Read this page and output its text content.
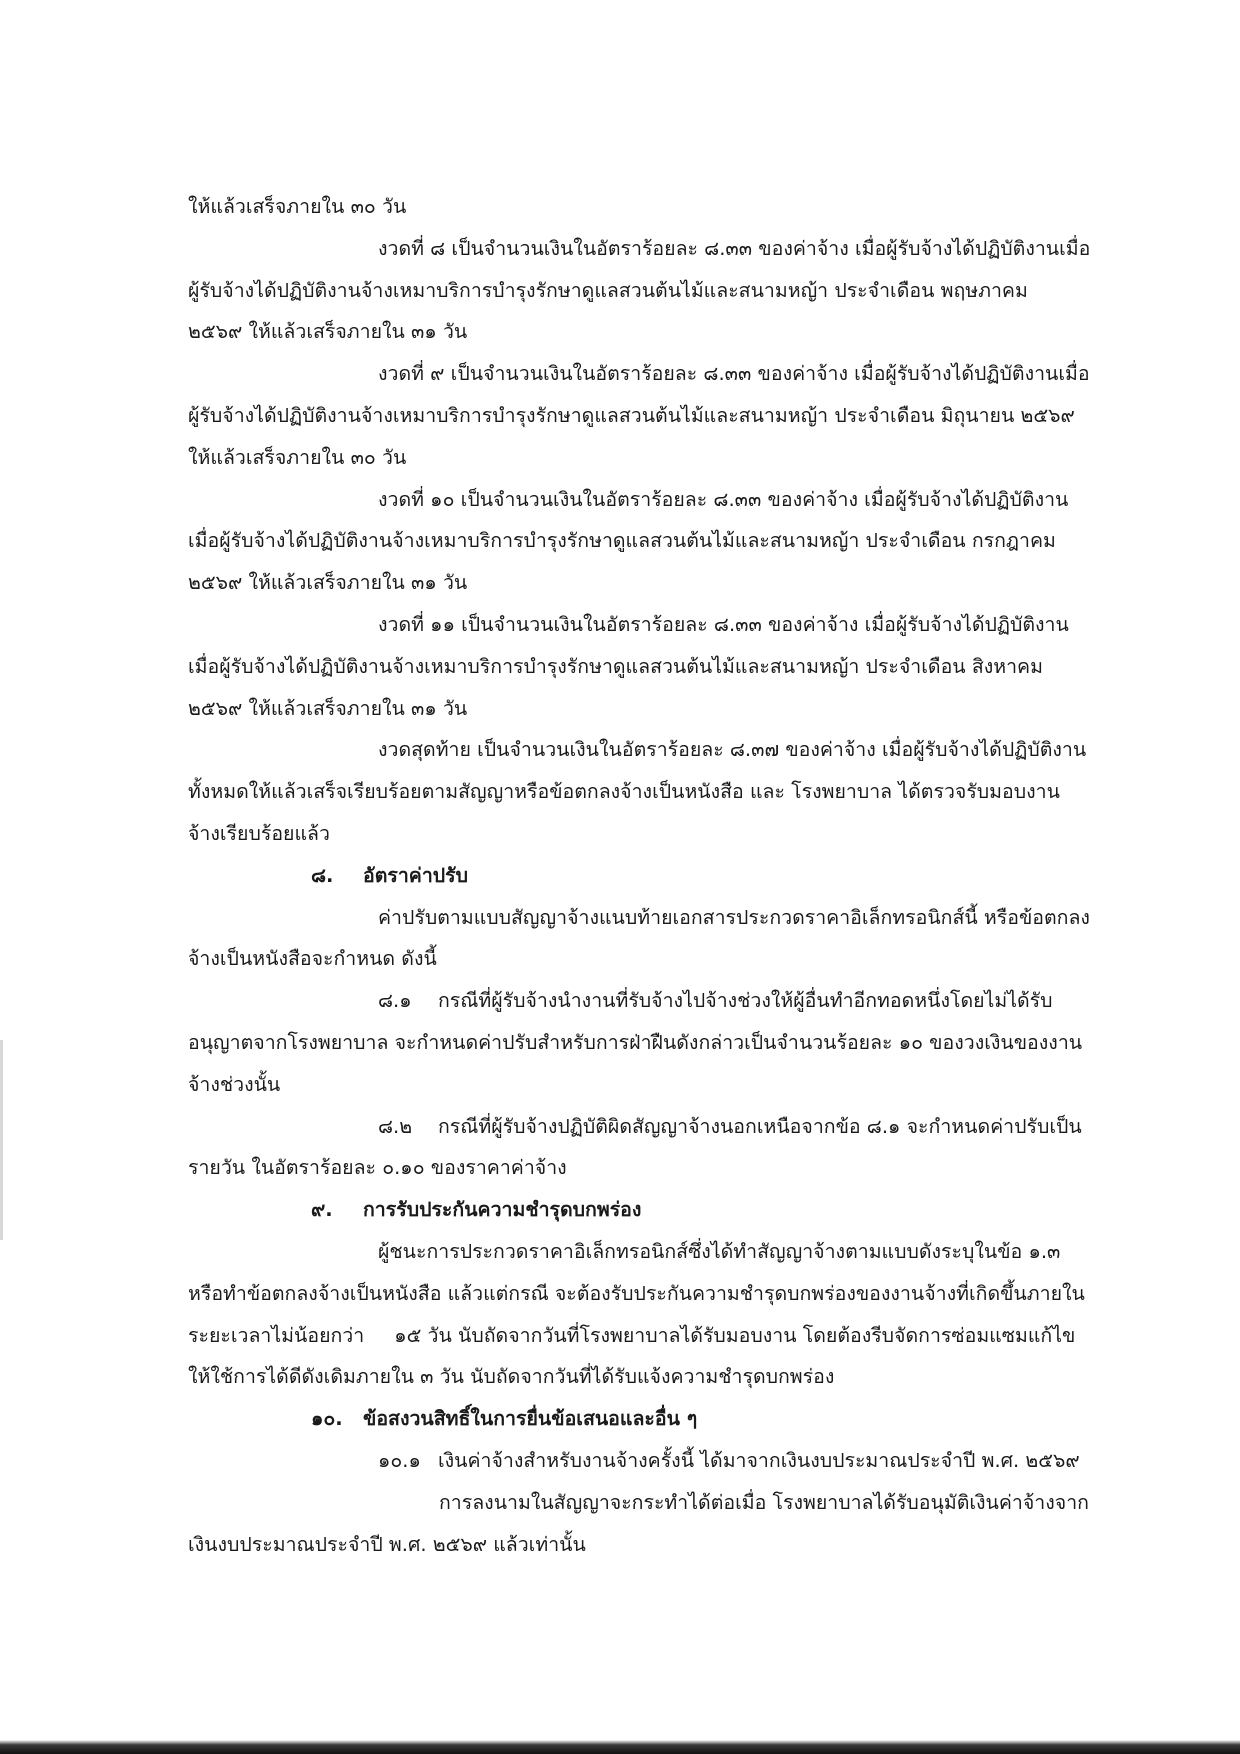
ให้แล้วเสร็จภายใน ๓๐ วัน
งวดที่ ๘ เป็นจำนวนเงินในอัตราร้อยละ ๘.๓๓ ของค่าจ้าง เมื่อผู้รับจ้างได้ปฏิบัติงานเมื่อ
ผู้รับจ้างได้ปฏิบัติงานจ้างเหมาบริการบำรุงรักษาดูแลสวนต้นไม้และสนามหญ้า ประจำเดือน พฤษภาคม
๒๕๖๙ ให้แล้วเสร็จภายใน ๓๑ วัน
งวดที่ ๙ เป็นจำนวนเงินในอัตราร้อยละ ๘.๓๓ ของค่าจ้าง เมื่อผู้รับจ้างได้ปฏิบัติงานเมื่อ
ผู้รับจ้างได้ปฏิบัติงานจ้างเหมาบริการบำรุงรักษาดูแลสวนต้นไม้และสนามหญ้า ประจำเดือน มิถุนายน ๒๕๖๙
ให้แล้วเสร็จภายใน ๓๐ วัน
งวดที่ ๑๐ เป็นจำนวนเงินในอัตราร้อยละ ๘.๓๓ ของค่าจ้าง เมื่อผู้รับจ้างได้ปฏิบัติงาน
เมื่อผู้รับจ้างได้ปฏิบัติงานจ้างเหมาบริการบำรุงรักษาดูแลสวนต้นไม้และสนามหญ้า ประจำเดือน กรกฎาคม
๒๕๖๙ ให้แล้วเสร็จภายใน ๓๑ วัน
งวดที่ ๑๑ เป็นจำนวนเงินในอัตราร้อยละ ๘.๓๓ ของค่าจ้าง เมื่อผู้รับจ้างได้ปฏิบัติงาน
เมื่อผู้รับจ้างได้ปฏิบัติงานจ้างเหมาบริการบำรุงรักษาดูแลสวนต้นไม้และสนามหญ้า ประจำเดือน สิงหาคม
๒๕๖๙ ให้แล้วเสร็จภายใน ๓๑ วัน
งวดสุดท้าย เป็นจำนวนเงินในอัตราร้อยละ ๘.๓๗ ของค่าจ้าง เมื่อผู้รับจ้างได้ปฏิบัติงาน
ทั้งหมดให้แล้วเสร็จเรียบร้อยตามสัญญาหรือข้อตกลงจ้างเป็นหนังสือ และ โรงพยาบาล ได้ตรวจรับมอบงาน
จ้างเรียบร้อยแล้ว
๘. อัตราค่าปรับ
ค่าปรับตามแบบสัญญาจ้างแนบท้ายเอกสารประกวดราคาอิเล็กทรอนิกส์นี้ หรือข้อตกลง
จ้างเป็นหนังสือจะกำหนด ดังนี้
๘.๑ กรณีที่ผู้รับจ้างนำงานที่รับจ้างไปจ้างช่วงให้ผู้อื่นทำอีกทอดหนึ่งโดยไม่ได้รับ
อนุญาตจากโรงพยาบาล จะกำหนดค่าปรับสำหรับการฝ่าฝืนดังกล่าวเป็นจำนวนร้อยละ ๑๐ ของวงเงินของงาน
จ้างช่วงนั้น
๘.๒ กรณีที่ผู้รับจ้างปฏิบัติผิดสัญญาจ้างนอกเหนือจากข้อ ๘.๑ จะกำหนดค่าปรับเป็น
รายวัน ในอัตราร้อยละ ๐.๑๐ ของราคาค่าจ้าง
๙. การรับประกันความชำรุดบกพร่อง
ผู้ชนะการประกวดราคาอิเล็กทรอนิกส์ซึ่งได้ทำสัญญาจ้างตามแบบดังระบุในข้อ ๑.๓
หรือทำข้อตกลงจ้างเป็นหนังสือ แล้วแต่กรณี จะต้องรับประกันความชำรุดบกพร่องของงานจ้างที่เกิดขึ้นภายใน
ระยะเวลาไม่น้อยกว่า ๑๕ วัน นับถัดจากวันที่โรงพยาบาลได้รับมอบงาน โดยต้องรีบจัดการซ่อมแซมแก้ไข
ให้ใช้การได้ดีดังเดิมภายใน ๓ วัน นับถัดจากวันที่ได้รับแจ้งความชำรุดบกพร่อง
๑๐. ข้อสงวนสิทธิ์ในการยื่นข้อเสนอและอื่น ๆ
๑๐.๑ เงินค่าจ้างสำหรับงานจ้างครั้งนี้ ได้มาจากเงินงบประมาณประจำปี พ.ศ. ๒๕๖๙
การลงนามในสัญญาจะกระทำได้ต่อเมื่อ โรงพยาบาลได้รับอนุมัติเงินค่าจ้างจาก
เงินงบประมาณประจำปี พ.ศ. ๒๕๖๙ แล้วเท่านั้น
